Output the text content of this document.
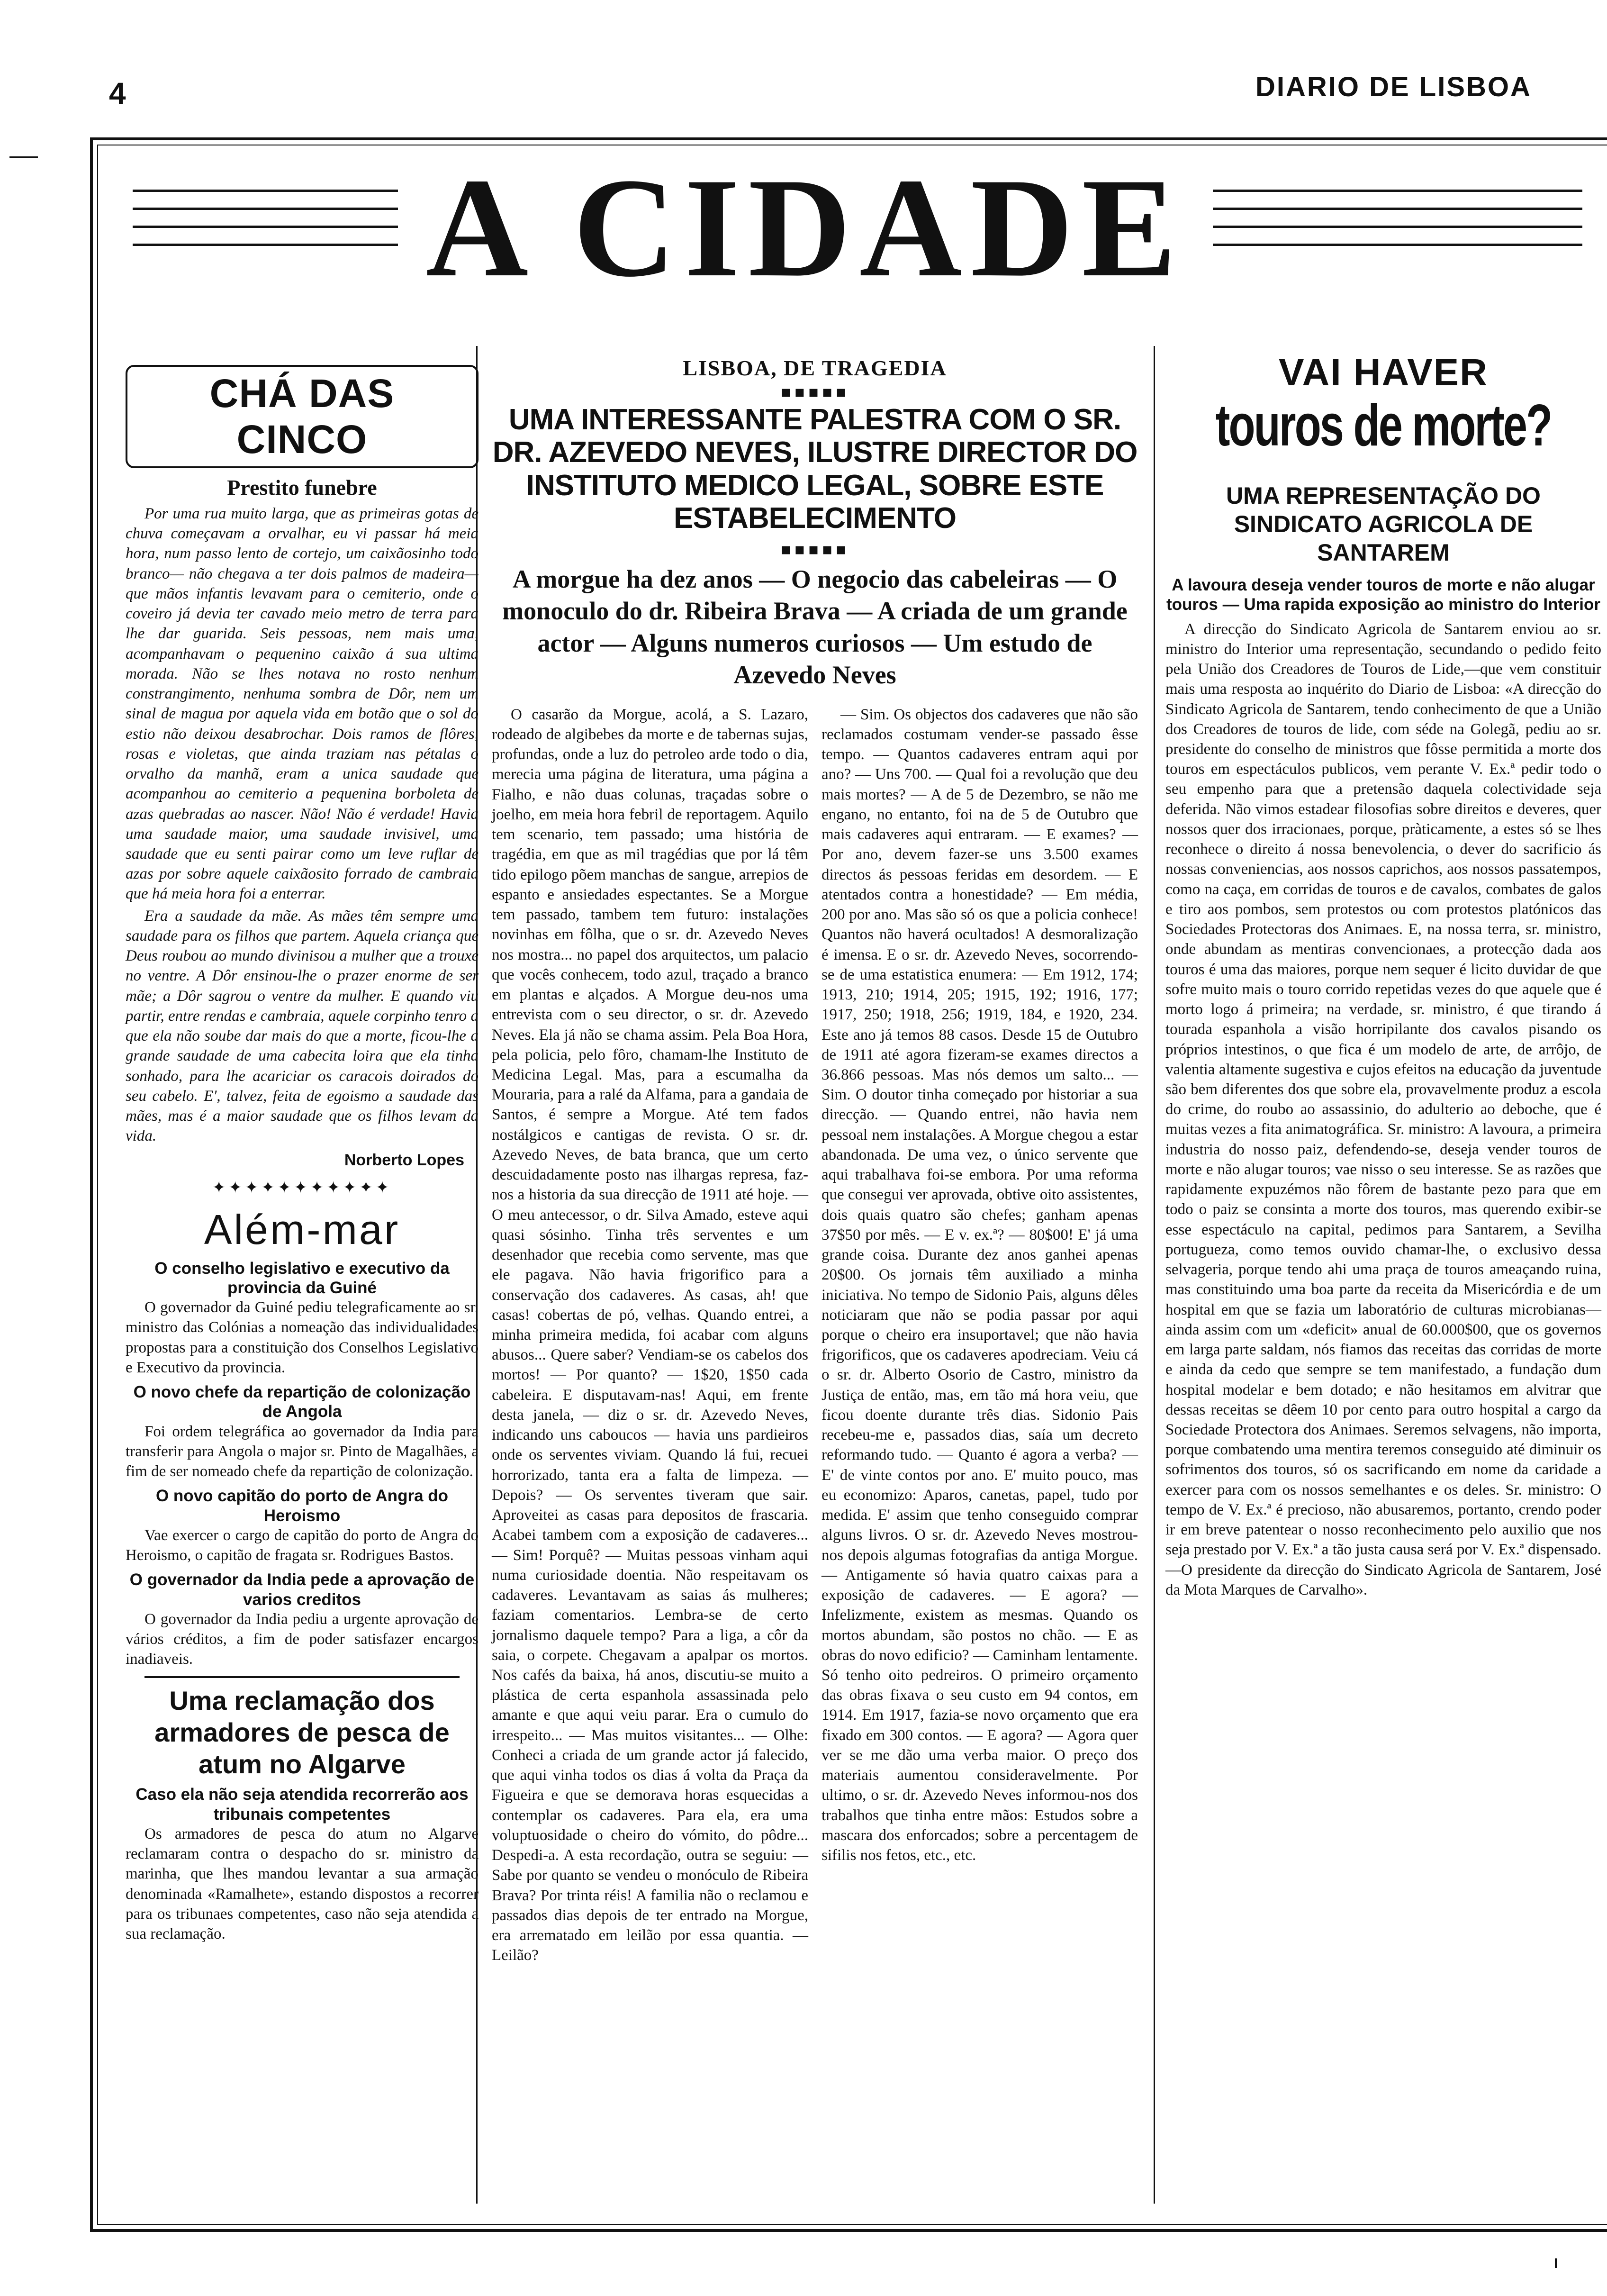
4	DIARIO DE LISBOA
A CIDADE
CHÁ DAS CINCO
Prestito funebre

Por uma rua muito larga, que as primeiras gotas de chuva começavam a orvalhar, eu vi passar há meia hora, num passo lento de cortejo, um caixãosinho todo branco— não chegava a ter dois palmos de madeira— que mãos infantis levavam para o cemiterio, onde o coveiro já devia ter cavado meio metro de terra para lhe dar guarida. Seis pessoas, nem mais uma, acompanhavam o pequenino caixão á sua ultima morada. Não se lhes notava no rosto nenhum constrangimento, nenhuma sombra de Dôr, nem um sinal de magua por aquela vida em botão que o sol do estio não deixou desabrochar. Dois ramos de flôres, rosas e violetas, que ainda traziam nas pétalas o orvalho da manhã, eram a unica saudade que acompanhou ao cemiterio a pequenina borboleta de azas quebradas ao nascer. Não! Não é verdade! Havia uma saudade maior, uma saudade invisivel, uma saudade que eu senti pairar como um leve ruflar de azas por sobre aquele caixãosito forrado de cambraia que há meia hora foi a enterrar.

Era a saudade da mãe. As mães têm sempre uma saudade para os filhos que partem. Aquela criança que Deus roubou ao mundo divinisou a mulher que a trouxe no ventre. A Dôr ensinou-lhe o prazer enorme de ser mãe; a Dôr sagrou o ventre da mulher. E quando viu partir, entre rendas e cambraia, aquele corpinho tenro a que ela não soube dar mais do que a morte, ficou-lhe a grande saudade de uma cabecita loira que ela tinha sonhado, para lhe acariciar os caracois doirados do seu cabelo. E', talvez, feita de egoismo a saudade das mães, mas é a maior saudade que os filhos levam da vida.

Norberto Lopes
✦✦✦✦✦✦✦✦✦✦✦
Além-mar
O conselho legislativo e executivo da provincia da Guiné

O governador da Guiné pediu telegraficamente ao sr. ministro das Colónias a nomeação das individualidades propostas para a constituição dos Conselhos Legislativo e Executivo da provincia.

O novo chefe da repartição de colonização de Angola

Foi ordem telegráfica ao governador da India para transferir para Angola o major sr. Pinto de Magalhães, a fim de ser nomeado chefe da repartição de colonização.

O novo capitão do porto de Angra do Heroismo

Vae exercer o cargo de capitão do porto de Angra do Heroismo, o capitão de fragata sr. Rodrigues Bastos.

O governador da India pede a aprovação de varios creditos

O governador da India pediu a urgente aprovação de vários créditos, a fim de poder satisfazer encargos inadiaveis.

Uma reclamação dos armadores de pesca de atum no Algarve
Caso ela não seja atendida recorrerão aos tribunais competentes

Os armadores de pesca do atum no Algarve reclamaram contra o despacho do sr. ministro da marinha, que lhes mandou levantar a sua armação denominada «Ramalhete», estando dispostos a recorrer para os tribunaes competentes, caso não seja atendida a sua reclamação.

LISBOA, DE TRAGEDIA
▪▪▪▪▪
UMA INTERESSANTE PALESTRA COM O SR. DR. AZEVEDO NEVES, ILUSTRE DIRECTOR DO INSTITUTO MEDICO LEGAL, SOBRE ESTE ESTABELECIMENTO
▪▪▪▪▪
A morgue ha dez anos — O negocio das cabeleiras — O monoculo do dr. Ribeira Brava — A criada de um grande actor — Alguns numeros curiosos — Um estudo de Azevedo Neves

O casarão da Morgue, acolá, a S. Lazaro, rodeado de algibebes da morte e de tabernas sujas, profundas, onde a luz do petroleo arde todo o dia, merecia uma página de literatura, uma página a Fialho, e não duas colunas, traçadas sobre o joelho, em meia hora febril de reportagem. Aquilo tem scenario, tem passado; uma história de tragédia, em que as mil tragédias que por lá têm tido epilogo põem manchas de sangue, arrepios de espanto e ansiedades espectantes. Se a Morgue tem passado, tambem tem futuro: instalações novinhas em fôlha, que o sr. dr. Azevedo Neves nos mostra... no papel dos arquitectos, um palacio que vocês conhecem, todo azul, traçado a branco em plantas e alçados. A Morgue deu-nos uma entrevista com o seu director, o sr. dr. Azevedo Neves. Ela já não se chama assim. Pela Boa Hora, pela policia, pelo fôro, chamam-lhe Instituto de Medicina Legal. Mas, para a escumalha da Mouraria, para a ralé da Alfama, para a gandaia de Santos, é sempre a Morgue. Até tem fados nostálgicos e cantigas de revista. O sr. dr. Azevedo Neves, de bata branca, que um certo descuidadamente posto nas ilhargas represa, faz-nos a historia da sua direcção de 1911 até hoje. — O meu antecessor, o dr. Silva Amado, esteve aqui quasi sósinho. Tinha três serventes e um desenhador que recebia como servente, mas que ele pagava. Não havia frigorifico para a conservação dos cadaveres. As casas, ah! que casas! cobertas de pó, velhas. Quando entrei, a minha primeira medida, foi acabar com alguns abusos... Quere saber? Vendiam-se os cabelos dos mortos! — Por quanto? — 1$20, 1$50 cada cabeleira. E disputavam-nas! Aqui, em frente desta janela, — diz o sr. dr. Azevedo Neves, indicando uns caboucos — havia uns pardieiros onde os serventes viviam. Quando lá fui, recuei horrorizado, tanta era a falta de limpeza. — Depois? — Os serventes tiveram que sair. Aproveitei as casas para depositos de frascaria. Acabei tambem com a exposição de cadaveres... — Sim! Porquê? — Muitas pessoas vinham aqui numa curiosidade doentia. Não respeitavam os cadaveres. Levantavam as saias ás mulheres; faziam comentarios. Lembra-se de certo jornalismo daquele tempo? Para a liga, a côr da saia, o corpete. Chegavam a apalpar os mortos. Nos cafés da baixa, há anos, discutiu-se muito a plástica de certa espanhola assassinada pelo amante e que aqui veiu parar. Era o cumulo do irrespeito... — Mas muitos visitantes... — Olhe: Conheci a criada de um grande actor já falecido, que aqui vinha todos os dias á volta da Praça da Figueira e que se demorava horas esquecidas a contemplar os cadaveres. Para ela, era uma voluptuosidade o cheiro do vómito, do pôdre... Despedi-a. A esta recordação, outra se seguiu: — Sabe por quanto se vendeu o monóculo de Ribeira Brava? Por trinta réis! A familia não o reclamou e passados dias depois de ter entrado na Morgue, era arrematado em leilão por essa quantia. — Leilão?

— Sim. Os objectos dos cadaveres que não são reclamados costumam vender-se passado êsse tempo. — Quantos cadaveres entram aqui por ano? — Uns 700. — Qual foi a revolução que deu mais mortes? — A de 5 de Dezembro, se não me engano, no entanto, foi na de 5 de Outubro que mais cadaveres aqui entraram. — E exames? — Por ano, devem fazer-se uns 3.500 exames directos ás pessoas feridas em desordem. — E atentados contra a honestidade? — Em média, 200 por ano. Mas são só os que a policia conhece! Quantos não haverá ocultados! A desmoralização é imensa. E o sr. dr. Azevedo Neves, socorrendo-se de uma estatistica enumera: — Em 1912, 174; 1913, 210; 1914, 205; 1915, 192; 1916, 177; 1917, 250; 1918, 256; 1919, 184, e 1920, 234. Este ano já temos 88 casos. Desde 15 de Outubro de 1911 até agora fizeram-se exames directos a 36.866 pessoas. Mas nós demos um salto... — Sim. O doutor tinha começado por historiar a sua direcção. — Quando entrei, não havia nem pessoal nem instalações. A Morgue chegou a estar abandonada. De uma vez, o único servente que aqui trabalhava foi-se embora. Por uma reforma que consegui ver aprovada, obtive oito assistentes, dois quais quatro são chefes; ganham apenas 37$50 por mês. — E v. ex.ª? — 80$00! E' já uma grande coisa. Durante dez anos ganhei apenas 20$00. Os jornais têm auxiliado a minha iniciativa. No tempo de Sidonio Pais, alguns dêles noticiaram que não se podia passar por aqui porque o cheiro era insuportavel; que não havia frigorificos, que os cadaveres apodreciam. Veiu cá o sr. dr. Alberto Osorio de Castro, ministro da Justiça de então, mas, em tão má hora veiu, que ficou doente durante três dias. Sidonio Pais recebeu-me e, passados dias, saía um decreto reformando tudo. — Quanto é agora a verba? — E' de vinte contos por ano. E' muito pouco, mas eu economizo: Aparos, canetas, papel, tudo por medida. E' assim que tenho conseguido comprar alguns livros. O sr. dr. Azevedo Neves mostrou-nos depois algumas fotografias da antiga Morgue. — Antigamente só havia quatro caixas para a exposição de cadaveres. — E agora? — Infelizmente, existem as mesmas. Quando os mortos abundam, são postos no chão. — E as obras do novo edificio? — Caminham lentamente. Só tenho oito pedreiros. O primeiro orçamento das obras fixava o seu custo em 94 contos, em 1914. Em 1917, fazia-se novo orçamento que era fixado em 300 contos. — E agora? — Agora quer ver se me dão uma verba maior. O preço dos materiais aumentou consideravelmente. Por ultimo, o sr. dr. Azevedo Neves informou-nos dos trabalhos que tinha entre mãos: Estudos sobre a mascara dos enforcados; sobre a percentagem de sifilis nos fetos, etc., etc.

VAI HAVER
touros de morte?
UMA REPRESENTAÇÃO DO SINDICATO AGRICOLA DE SANTAREM
A lavoura deseja vender touros de morte e não alugar touros — Uma rapida exposição ao ministro do Interior

A direcção do Sindicato Agricola de Santarem enviou ao sr. ministro do Interior uma representação, secundando o pedido feito pela União dos Creadores de Touros de Lide,—que vem constituir mais uma resposta ao inquérito do Diario de Lisboa: «A direcção do Sindicato Agricola de Santarem, tendo conhecimento de que a União dos Creadores de touros de lide, com séde na Golegã, pediu ao sr. presidente do conselho de ministros que fôsse permitida a morte dos touros em espectáculos publicos, vem perante V. Ex.ª pedir todo o seu empenho para que a pretensão daquela colectividade seja deferida. Não vimos estadear filosofias sobre direitos e deveres, quer nossos quer dos irracionaes, porque, pràticamente, a estes só se lhes reconhece o direito á nossa benevolencia, o dever do sacrificio ás nossas conveniencias, aos nossos caprichos, aos nossos passatempos, como na caça, em corridas de touros e de cavalos, combates de galos e tiro aos pombos, sem protestos ou com protestos platónicos das Sociedades Protectoras dos Animaes. E, na nossa terra, sr. ministro, onde abundam as mentiras convencionaes, a protecção dada aos touros é uma das maiores, porque nem sequer é licito duvidar de que sofre muito mais o touro corrido repetidas vezes do que aquele que é morto logo á primeira; na verdade, sr. ministro, é que tirando á tourada espanhola a visão horripilante dos cavalos pisando os próprios intestinos, o que fica é um modelo de arte, de arrôjo, de valentia altamente sugestiva e cujos efeitos na educação da juventude são bem diferentes dos que sobre ela, provavelmente produz a escola do crime, do roubo ao assassinio, do adulterio ao deboche, que é muitas vezes a fita animatográfica. Sr. ministro: A lavoura, a primeira industria do nosso paiz, defendendo-se, deseja vender touros de morte e não alugar touros; vae nisso o seu interesse. Se as razões que rapidamente expuzémos não fôrem de bastante pezo para que em todo o paiz se consinta a morte dos touros, mas querendo exibir-se esse espectáculo na capital, pedimos para Santarem, a Sevilha portugueza, como temos ouvido chamar-lhe, o exclusivo dessa selvageria, porque tendo ahi uma praça de touros ameaçando ruina, mas constituindo uma boa parte da receita da Misericórdia e de um hospital em que se fazia um laboratório de culturas microbianas—ainda assim com um «deficit» anual de 60.000$00, que os governos em larga parte saldam, nós fiamos das receitas das corridas de morte e ainda da cedo que sempre se tem manifestado, a fundação dum hospital modelar e bem dotado; e não hesitamos em alvitrar que dessas receitas se dêem 10 por cento para outro hospital a cargo da Sociedade Protectora dos Animaes. Seremos selvagens, não importa, porque combatendo uma mentira teremos conseguido até diminuir os sofrimentos dos touros, só os sacrificando em nome da caridade a exercer para com os nossos semelhantes e os deles. Sr. ministro: O tempo de V. Ex.ª é precioso, não abusaremos, portanto, crendo poder ir em breve patentear o nosso reconhecimento pelo auxilio que nos seja prestado por V. Ex.ª a tão justa causa será por V. Ex.ª dispensado.—O presidente da direcção do Sindicato Agricola de Santarem, José da Mota Marques de Carvalho».

I
